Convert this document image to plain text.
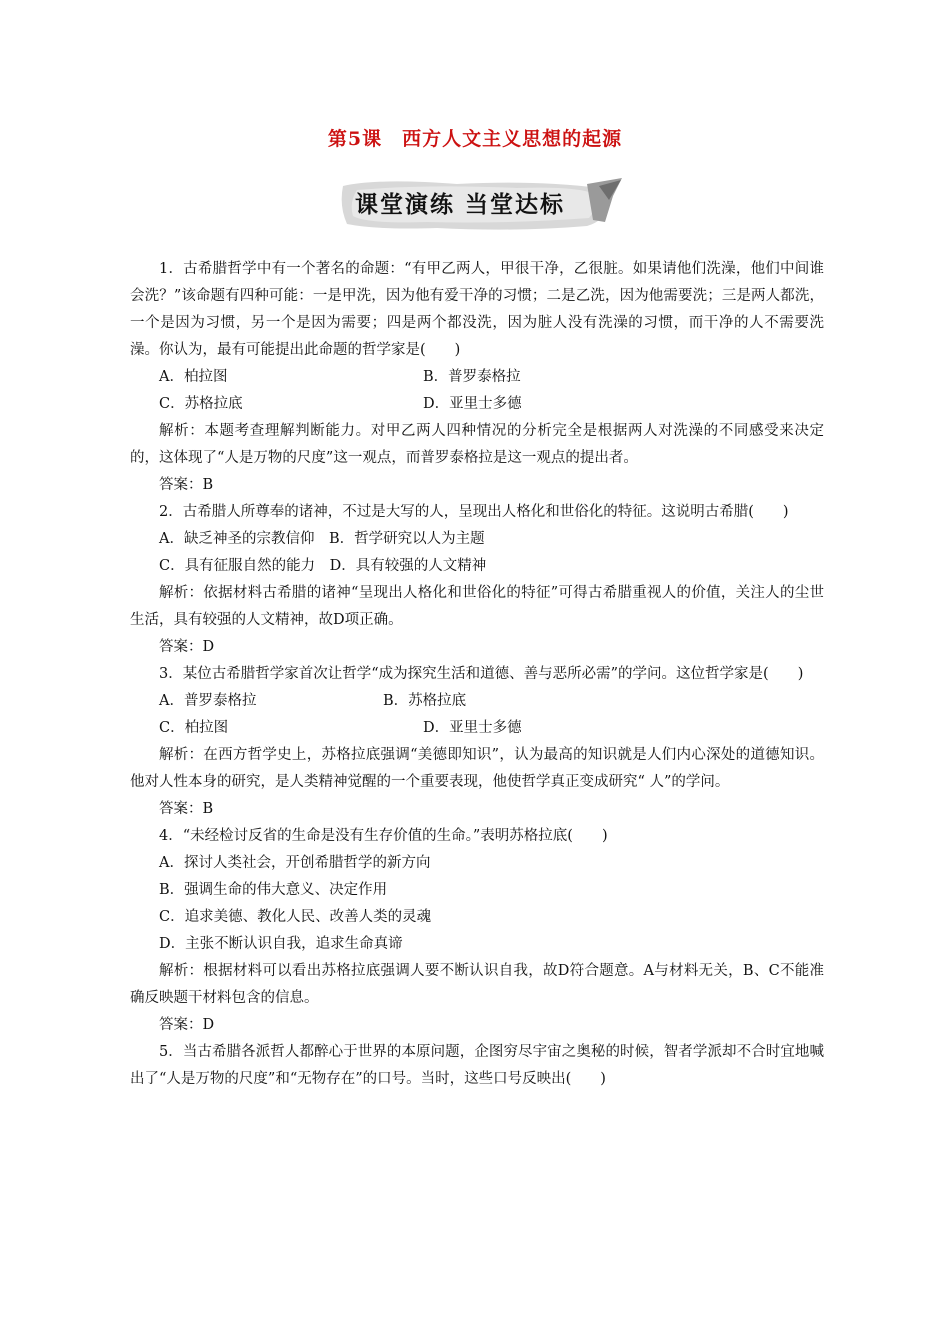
第5课　西方人文主义思想的起源
课堂演练 当堂达标

1．古希腊哲学中有一个著名的命题：“有甲乙两人，甲很干净，乙很脏。如果请他们洗澡，他们中间谁会洗？”该命题有四种可能：一是甲洗，因为他有爱干净的习惯；二是乙洗，因为他需要洗；三是两人都洗，一个是因为习惯，另一个是因为需要；四是两个都没洗，因为脏人没有洗澡的习惯，而干净的人不需要洗澡。你认为，最有可能提出此命题的哲学家是(　　)

A．柏拉图	B．普罗泰格拉
C．苏格拉底	D．亚里士多德

解析：本题考查理解判断能力。对甲乙两人四种情况的分析完全是根据两人对洗澡的不同感受来决定的，这体现了“人是万物的尺度”这一观点，而普罗泰格拉是这一观点的提出者。

答案：B

2．古希腊人所尊奉的诸神，不过是大写的人，呈现出人格化和世俗化的特征。这说明古希腊(　　)

A．缺乏神圣的宗教信仰　B．哲学研究以人为主题

C．具有征服自然的能力　D．具有较强的人文精神

解析：依据材料古希腊的诸神“呈现出人格化和世俗化的特征”可得古希腊重视人的价值，关注人的尘世生活，具有较强的人文精神，故D项正确。

答案：D

3．某位古希腊哲学家首次让哲学“成为探究生活和道德、善与恶所必需”的学问。这位哲学家是(　　)

A．普罗泰格拉	B．苏格拉底
C．柏拉图	D．亚里士多德

解析：在西方哲学史上，苏格拉底强调“美德即知识”，认为最高的知识就是人们内心深处的道德知识。他对人性本身的研究，是人类精神觉醒的一个重要表现，他使哲学真正变成研究“ 人”的学问。

答案：B

4．“未经检讨反省的生命是没有生存价值的生命。”表明苏格拉底(　　)

A．探讨人类社会，开创希腊哲学的新方向

B．强调生命的伟大意义、决定作用

C．追求美德、教化人民、改善人类的灵魂

D．主张不断认识自我，追求生命真谛

解析：根据材料可以看出苏格拉底强调人要不断认识自我，故D符合题意。A与材料无关，B、C不能准确反映题干材料包含的信息。

答案：D

5．当古希腊各派哲人都醉心于世界的本原问题，企图穷尽宇宙之奥秘的时候，智者学派却不合时宜地喊出了“人是万物的尺度”和“无物存在”的口号。当时，这些口号反映出(　　)
